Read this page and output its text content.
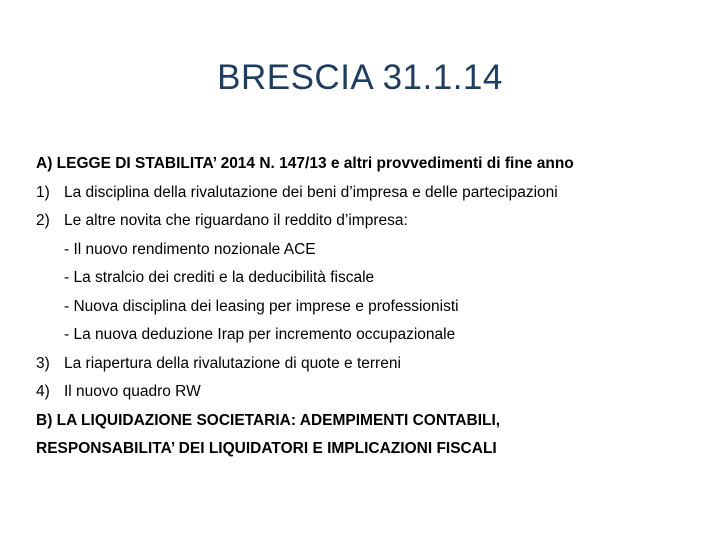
BRESCIA 31.1.14
A) LEGGE DI STABILITA’ 2014 N. 147/13 e altri provvedimenti di fine anno
1) La disciplina della rivalutazione dei beni d’impresa e delle partecipazioni
2) Le altre novita che riguardano il reddito d’impresa:
- Il nuovo rendimento nozionale ACE
- La stralcio dei crediti e la deducibilità fiscale
- Nuova disciplina dei leasing per imprese e professionisti
- La nuova deduzione Irap per incremento occupazionale
3) La riapertura della rivalutazione di quote e terreni
4) Il nuovo quadro RW
B) LA LIQUIDAZIONE SOCIETARIA: ADEMPIMENTI CONTABILI,
RESPONSABILITA’ DEI LIQUIDATORI E IMPLICAZIONI FISCALI
